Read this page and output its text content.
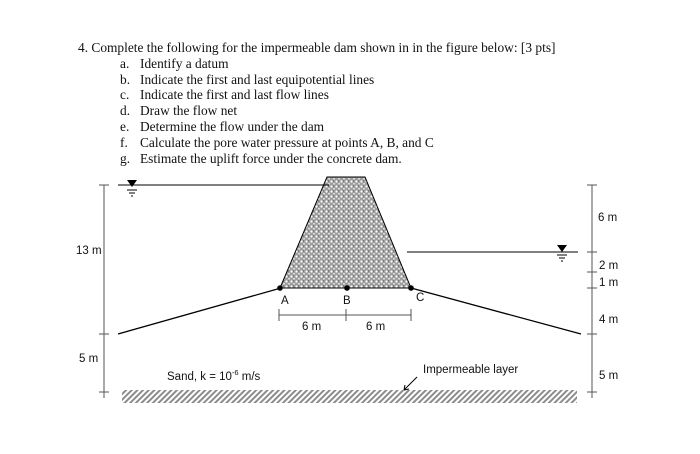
4. Complete the following for the impermeable dam shown in in the figure below: [3 pts]

a. Identify a datum
b. Indicate the first and last equipotential lines
c. Indicate the first and last flow lines
d. Draw the flow net
e. Determine the flow under the dam
f. Calculate the pore water pressure at points A, B, and C
g. Estimate the uplift force under the concrete dam.
13 m
5 m
6 m
2 m
1 m
4 m
5 m
A	B	C
6 m	6 m
Sand, $k = 10^{-6}$ m/s
Impermeable layer
